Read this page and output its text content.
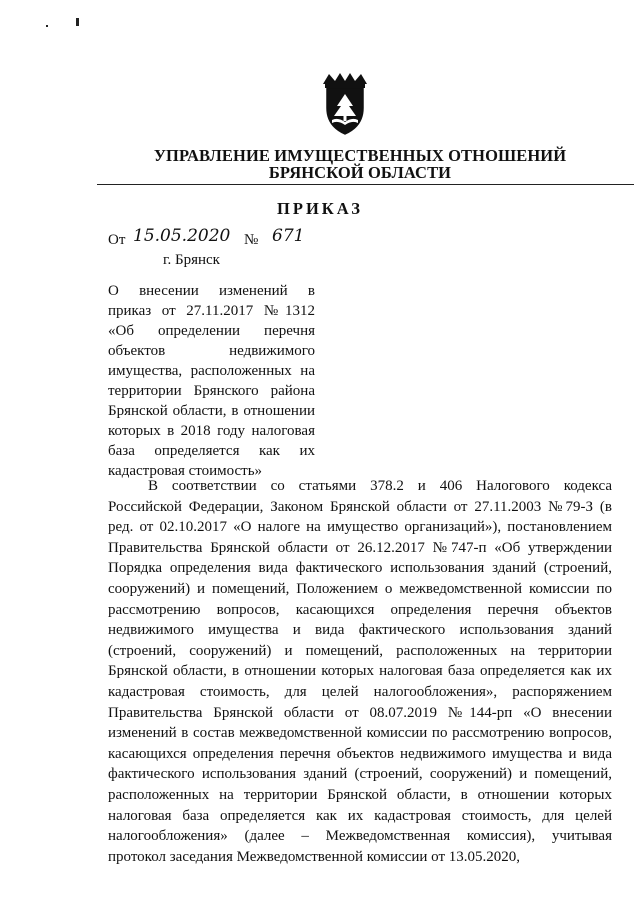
УПРАВЛЕНИЕ ИМУЩЕСТВЕННЫХ ОТНОШЕНИЙ
БРЯНСКОЙ ОБЛАСТИ
ПРИКАЗ
От 15.05.2020 № 671
г. Брянск
О внесении изменений в
приказ от 27.11.2017 №1312
«Об определении перечня
объектов недвижимого
имущества, расположенных на
территории Брянского района
Брянской области, в отношении
которых в 2018 году налоговая
база определяется как их
кадастровая стоимость»
В соответствии со статьями 378.2 и 406 Налогового кодекса
Российской Федерации, Законом Брянской области от 27.11.2003 №79-З (в
ред. от 02.10.2017 «О налоге на имущество организаций»), постановлением
Правительства Брянской области от 26.12.2017 №747-п «Об утверждении
Порядка определения вида фактического использования зданий (строений,
сооружений) и помещений, Положением о межведомственной комиссии по
рассмотрению вопросов, касающихся определения перечня объектов
недвижимого имущества и вида фактического использования зданий
(строений, сооружений) и помещений, расположенных на территории
Брянской области, в отношении которых налоговая база определяется как их
кадастровая стоимость, для целей налогообложения», распоряжением
Правительства Брянской области от 08.07.2019 №144-рп «О внесении
изменений в состав межведомственной комиссии по рассмотрению вопросов,
касающихся определения перечня объектов недвижимого имущества и вида
фактического использования зданий (строений, сооружений) и помещений,
расположенных на территории Брянской области, в отношении которых
налоговая база определяется как их кадастровая стоимость, для целей
налогообложения» (далее – Межведомственная комиссия), учитывая
протокол заседания Межведомственной комиссии от 13.05.2020,
